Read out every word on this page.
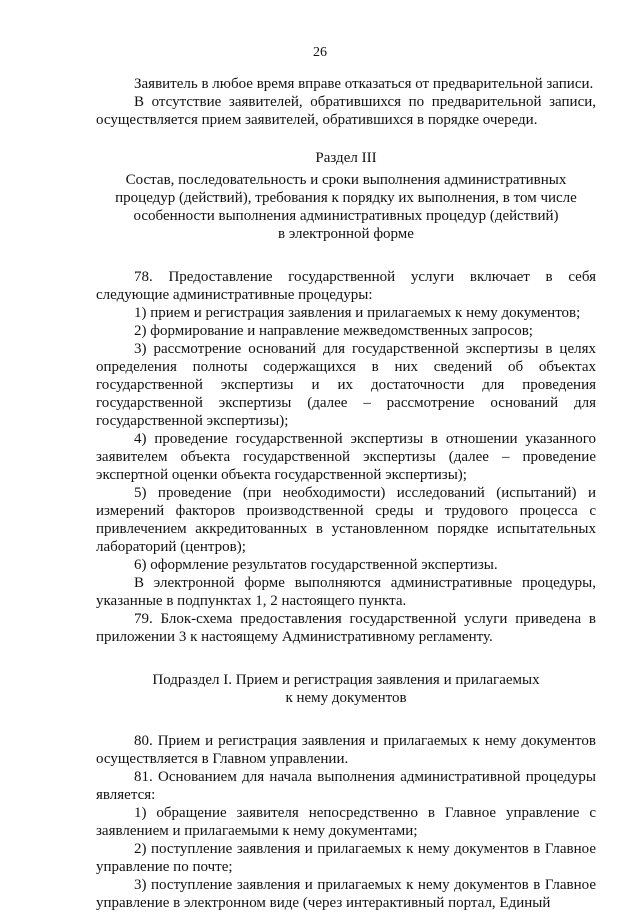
26

Заявитель в любое время вправе отказаться от предварительной записи.

В отсутствие заявителей, обратившихся по предварительной записи, осуществляется прием заявителей, обратившихся в порядке очереди.

Раздел III

Состав, последовательность и сроки выполнения административных

процедур (действий), требования к порядку их выполнения, в том числе

особенности выполнения административных процедур (действий)

в электронной форме

78. Предоставление государственной услуги включает в себя следующие административные процедуры:

1) прием и регистрация заявления и прилагаемых к нему документов;

2) формирование и направление межведомственных запросов;

3) рассмотрение оснований для государственной экспертизы в целях определения полноты содержащихся в них сведений об объектах государственной экспертизы и их достаточности для проведения государственной экспертизы (далее – рассмотрение оснований для государственной экспертизы);

4) проведение государственной экспертизы в отношении указанного заявителем объекта государственной экспертизы (далее – проведение экспертной оценки объекта государственной экспертизы);

5) проведение (при необходимости) исследований (испытаний) и измерений факторов производственной среды и трудового процесса с привлечением аккредитованных в установленном порядке испытательных лабораторий (центров);

6) оформление результатов государственной экспертизы.

В электронной форме выполняются административные процедуры, указанные в подпунктах 1, 2 настоящего пункта.

79. Блок-схема предоставления государственной услуги приведена в приложении 3 к настоящему Административному регламенту.

Подраздел I. Прием и регистрация заявления и прилагаемых

к нему документов

80. Прием и регистрация заявления и прилагаемых к нему документов осуществляется в Главном управлении.

81. Основанием для начала выполнения административной процедуры является:

1) обращение заявителя непосредственно в Главное управление с заявлением и прилагаемыми к нему документами;

2) поступление заявления и прилагаемых к нему документов в Главное управление по почте;

3) поступление заявления и прилагаемых к нему документов в Главное управление в электронном виде (через интерактивный портал, Единый
